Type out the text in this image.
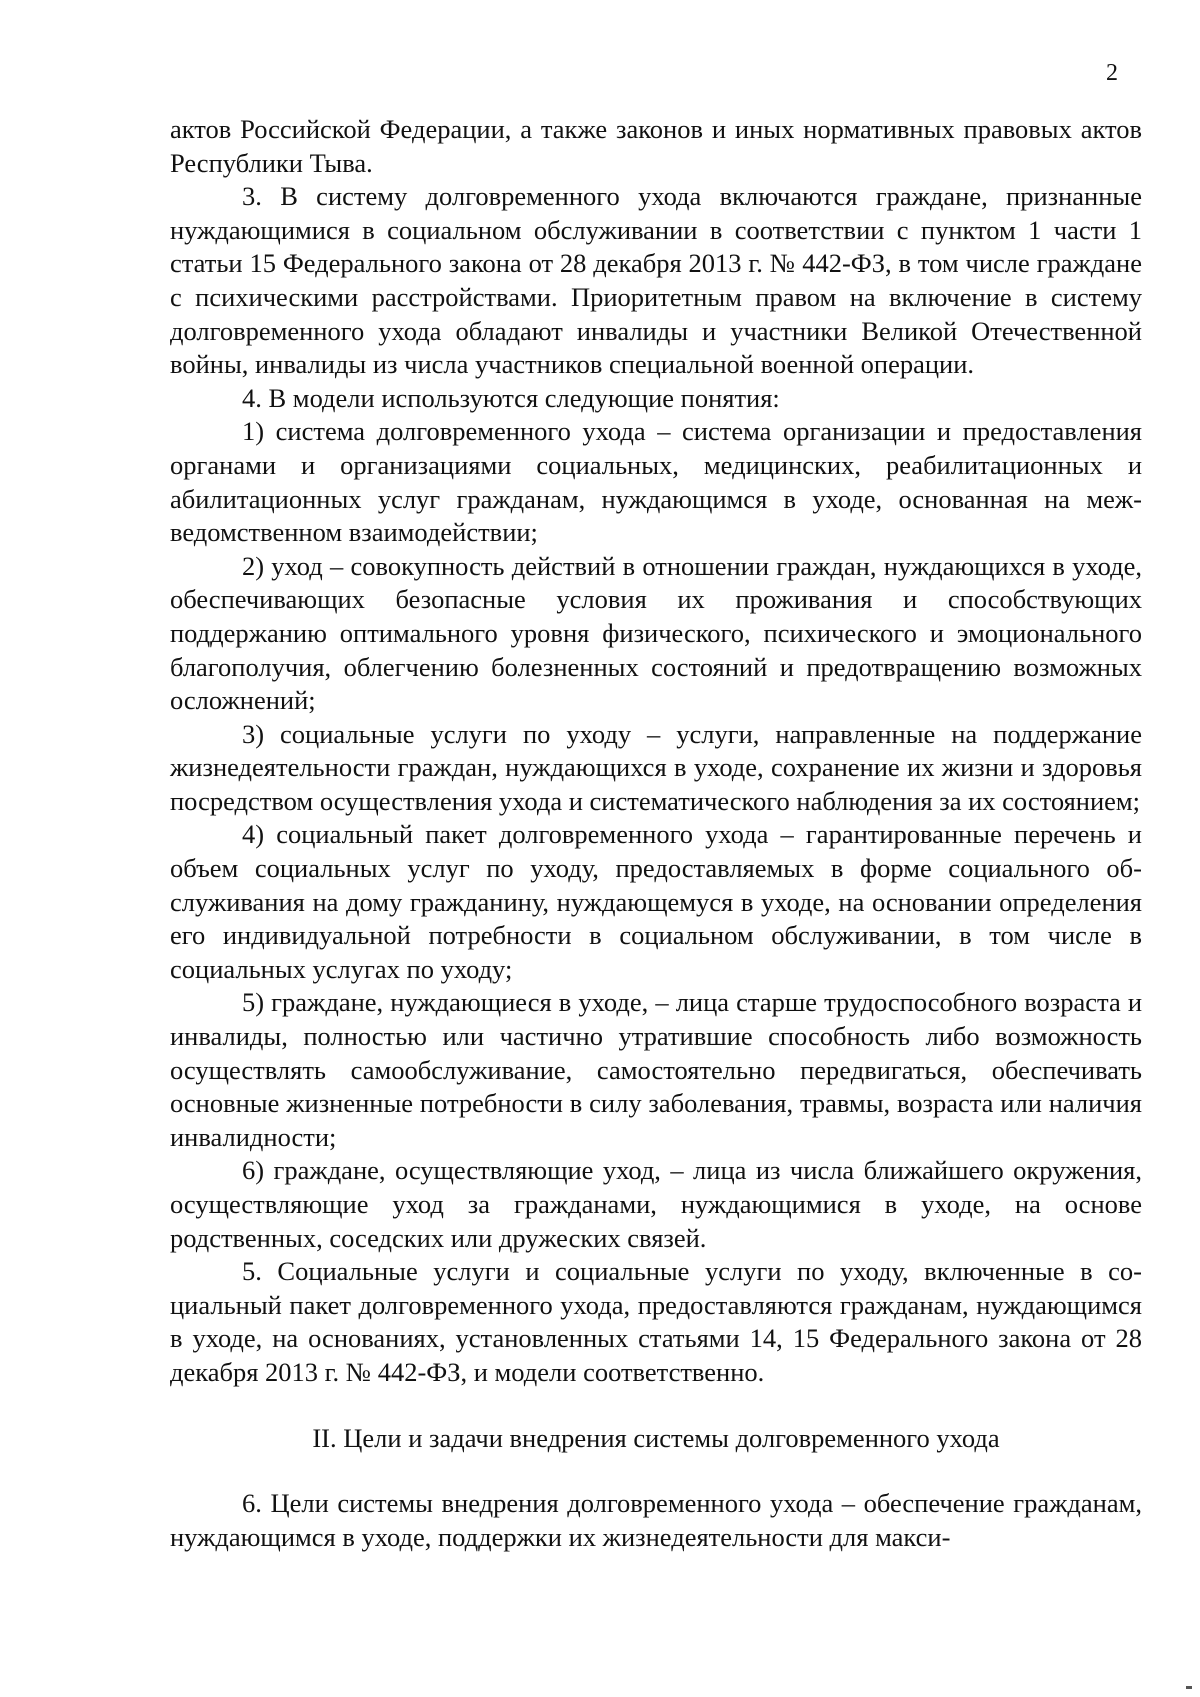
2

актов Российской Федерации, а также законов и иных нормативных правовых актов Республики Тыва.

3. В систему долговременного ухода включаются граждане, признанные нуждающимися в социальном обслуживании в соответствии с пунктом 1 части 1 статьи 15 Федерального закона от 28 декабря 2013 г. № 442-ФЗ, в том числе граждане с психическими расстройствами. Приоритетным правом на включение в систему долговременного ухода обладают инвалиды и участники Великой Отечественной войны, инвалиды из числа участников специальной военной операции.

4. В модели используются следующие понятия:

1) система долговременного ухода – система организации и предоставления органами и организациями социальных, медицинских, реабилитационных и абилитационных услуг гражданам, нуждающимся в уходе, основанная на межведомственном взаимодействии;

2) уход – совокупность действий в отношении граждан, нуждающихся в уходе, обеспечивающих безопасные условия их проживания и способствующих поддержанию оптимального уровня физического, психического и эмоционального благополучия, облегчению болезненных состояний и предотвращению возможных осложнений;

3) социальные услуги по уходу – услуги, направленные на поддержание жизнедеятельности граждан, нуждающихся в уходе, сохранение их жизни и здоровья посредством осуществления ухода и систематического наблюдения за их состоянием;

4) социальный пакет долговременного ухода – гарантированные перечень и объем социальных услуг по уходу, предоставляемых в форме социального обслуживания на дому гражданину, нуждающемуся в уходе, на основании определения его индивидуальной потребности в социальном обслуживании, в том числе в социальных услугах по уходу;

5) граждане, нуждающиеся в уходе, – лица старше трудоспособного возраста и инвалиды, полностью или частично утратившие способность либо возможность осуществлять самообслуживание, самостоятельно передвигаться, обеспечивать основные жизненные потребности в силу заболевания, травмы, возраста или наличия инвалидности;

6) граждане, осуществляющие уход, – лица из числа ближайшего окружения, осуществляющие уход за гражданами, нуждающимися в уходе, на основе родственных, соседских или дружеских связей.

5. Социальные услуги и социальные услуги по уходу, включенные в социальный пакет долговременного ухода, предоставляются гражданам, нуждающимся в уходе, на основаниях, установленных статьями 14, 15 Федерального закона от 28 декабря 2013 г. № 442-ФЗ, и модели соответственно.

II. Цели и задачи внедрения системы долговременного ухода

6. Цели системы внедрения долговременного ухода – обеспечение гражданам, нуждающимся в уходе, поддержки их жизнедеятельности для макси-
